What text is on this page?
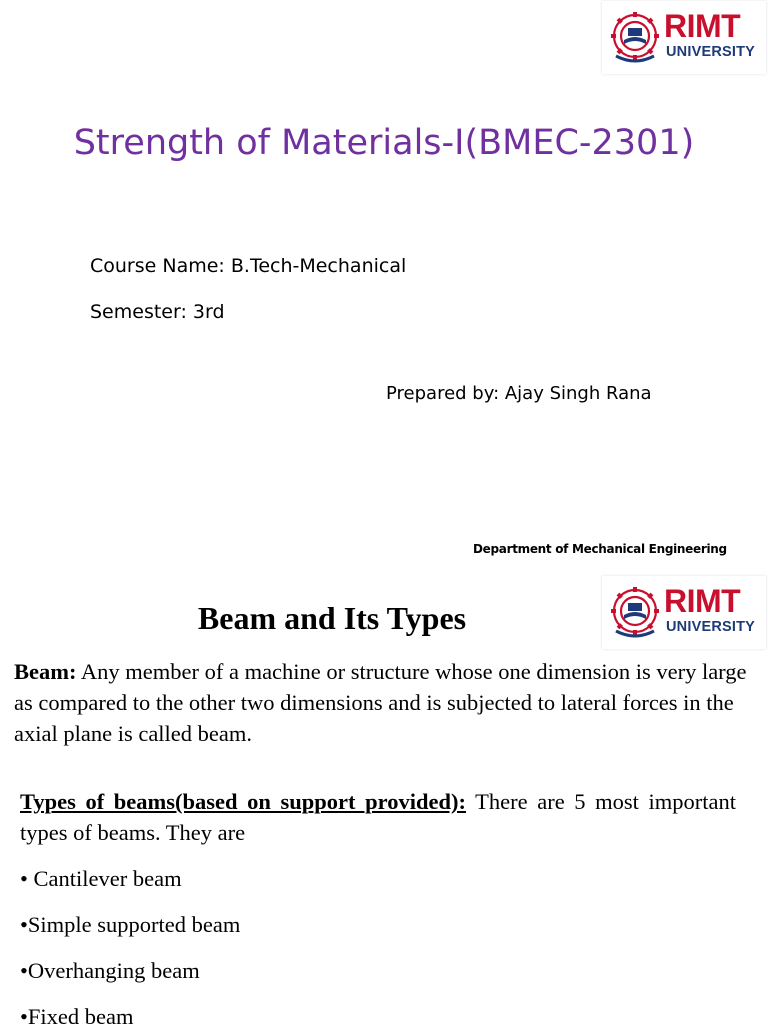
RIMT
UNIVERSITY
Strength of Materials-I(BMEC-2301)
Course Name: B.Tech-Mechanical
Semester: 3rd
Prepared by: Ajay Singh Rana
Department of Mechanical Engineering
RIMT
UNIVERSITY
Beam and Its Types

Beam: Any member of a machine or structure whose one dimension is very large as compared to the other two dimensions and is subjected to lateral forces in the axial plane is called beam.

Types of beams(based on support provided): There are 5 most important types of beams. They are

• Cantilever beam
•Simple supported beam
•Overhanging beam
•Fixed beam
